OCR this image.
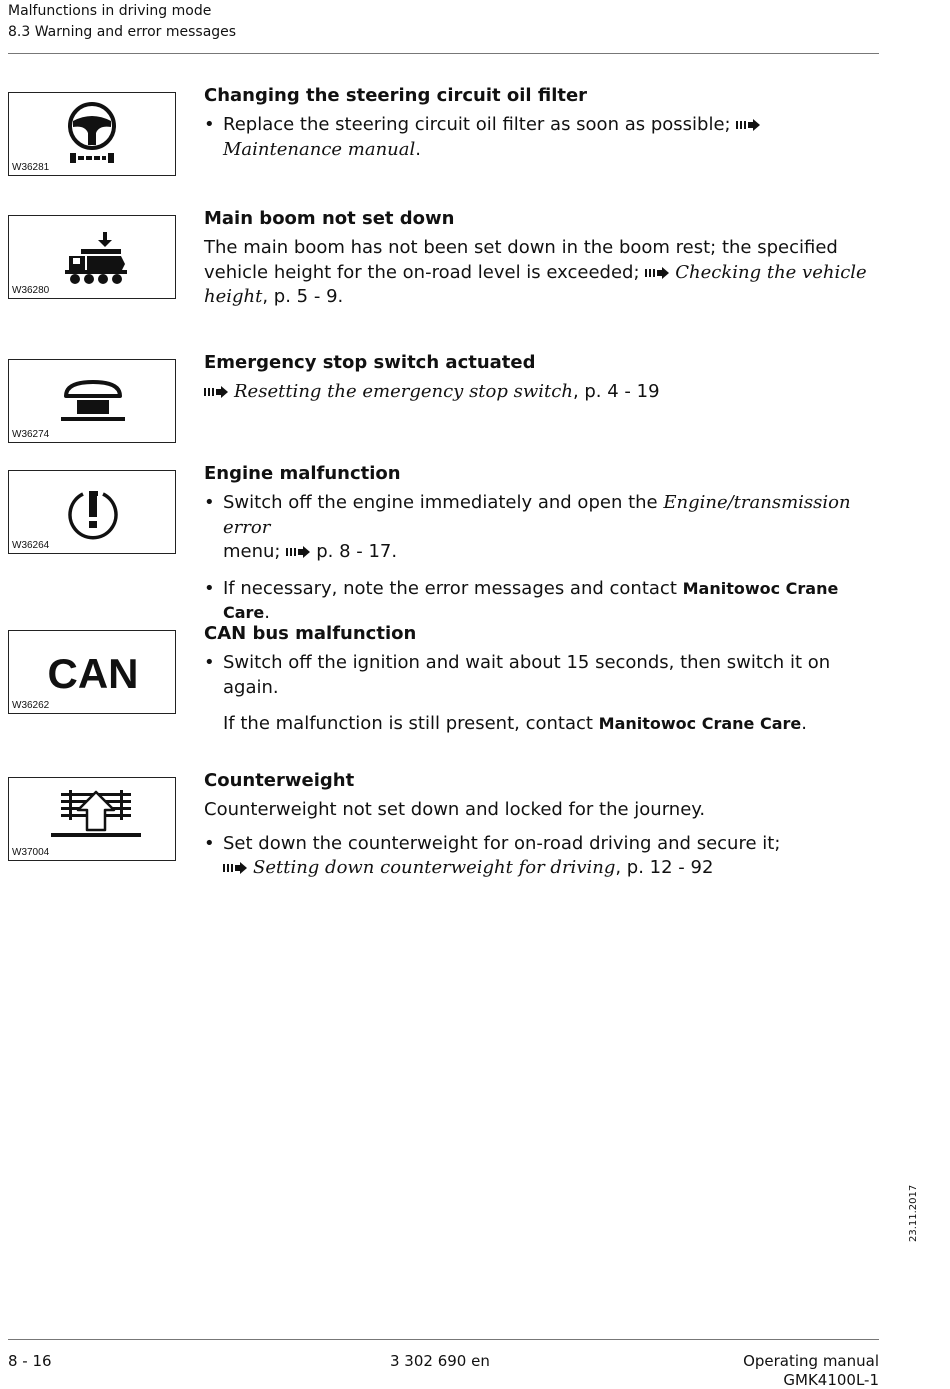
Malfunctions in driving mode
8.3 Warning and error messages
W36281
Changing the steering circuit oil filter
• Replace the steering circuit oil filter as soon as possible; Maintenance manual.
W36280
Main boom not set down

The main boom has not been set down in the boom rest; the specified vehicle height for the on-road level is exceeded; Checking the vehicle height, p. 5 - 9.

W36274
Emergency stop switch actuated

Resetting the emergency stop switch, p. 4 - 19

W36264
Engine malfunction
• Switch off the engine immediately and open the Engine/transmission error
menu; p. 8 - 17.
• If necessary, note the error messages and contact Manitowoc Crane Care.
CAN
W36262
CAN bus malfunction
• Switch off the ignition and wait about 15 seconds, then switch it on again.

If the malfunction is still present, contact Manitowoc Crane Care.

W37004
Counterweight

Counterweight not set down and locked for the journey.

• Set down the counterweight for on-road driving and secure it;
Setting down counterweight for driving, p. 12 - 92
23.11.2017
8 - 16	3 302 690 en	Operating manual
GMK4100L-1
